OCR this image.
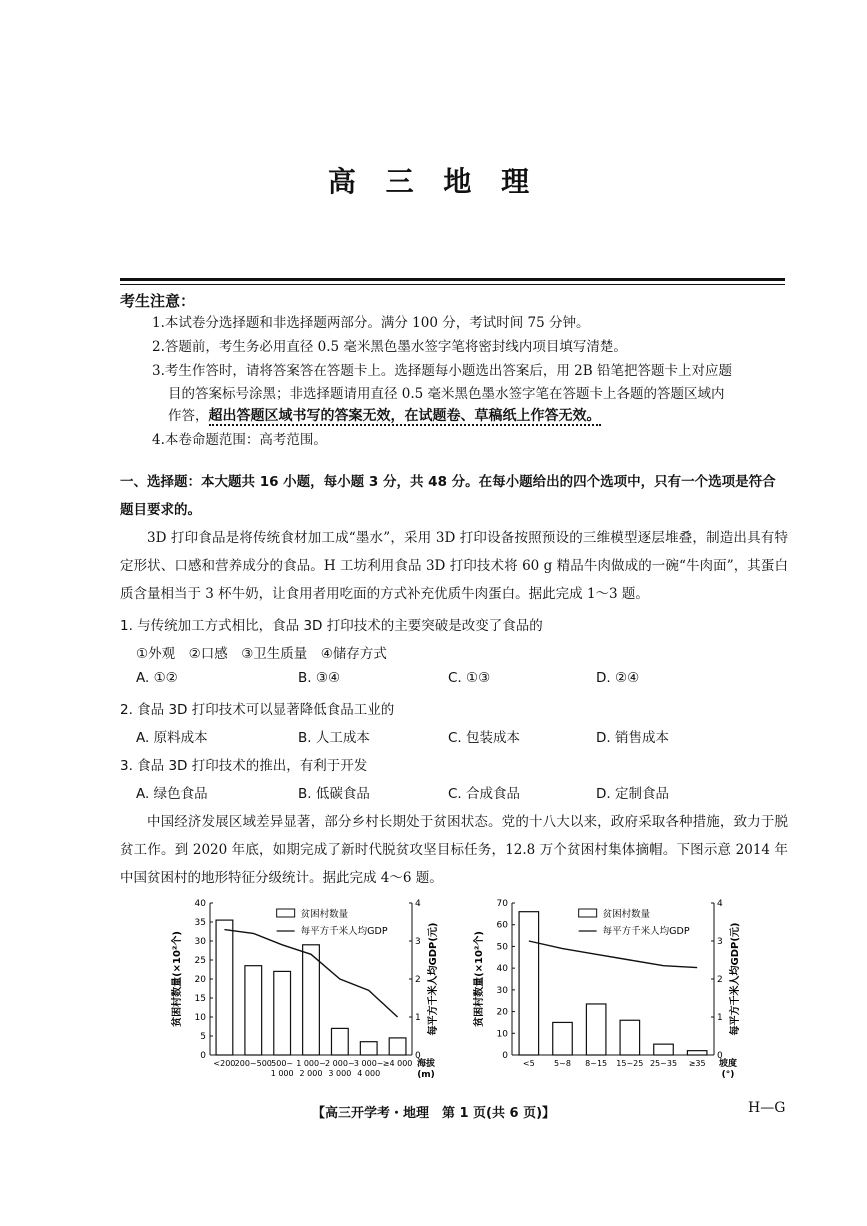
高 三 地 理
考生注意：
1.本试卷分选择题和非选择题两部分。满分 100 分，考试时间 75 分钟。
2.答题前，考生务必用直径 0.5 毫米黑色墨水签字笔将密封线内项目填写清楚。
3.考生作答时，请将答案答在答题卡上。选择题每小题选出答案后，用 2B 铅笔把答题卡上对应题
目的答案标号涂黑；非选择题请用直径 0.5 毫米黑色墨水签字笔在答题卡上各题的答题区域内
作答，超出答题区域书写的答案无效，在试题卷、草稿纸上作答无效。
4.本卷命题范围：高考范围。
一、选择题：本大题共 16 小题，每小题 3 分，共 48 分。在每小题给出的四个选项中，只有一个选项是符合题目要求的。
3D 打印食品是将传统食材加工成“墨水”，采用 3D 打印设备按照预设的三维模型逐层堆叠，制造出具有特定形状、口感和营养成分的食品。H 工坊利用食品 3D 打印技术将 60 g 精品牛肉做成的一碗“牛肉面”，其蛋白质含量相当于 3 杯牛奶，让食用者用吃面的方式补充优质牛肉蛋白。据此完成 1～3 题。
1. 与传统加工方式相比，食品 3D 打印技术的主要突破是改变了食品的
①外观　②口感　③卫生质量　④储存方式
A. ①②	B. ③④	C. ①③	D. ②④
2. 食品 3D 打印技术可以显著降低食品工业的
A. 原料成本	B. 人工成本	C. 包装成本	D. 销售成本
3. 食品 3D 打印技术的推出，有利于开发
A. 绿色食品	B. 低碳食品	C. 合成食品	D. 定制食品
中国经济发展区域差异显著，部分乡村长期处于贫困状态。党的十八大以来，政府采取各种措施，致力于脱贫工作。到 2020 年底，如期完成了新时代脱贫攻坚目标任务，12.8 万个贫困村集体摘帽。下图示意 2014 年中国贫困村的地形特征分级统计。据此完成 4～6 题。
0
5
10
15
20
25
30
35
40
0
1
2
3
4
贫困村数量(×10²个)	每平方千米人均GDP(元)
<200 200~500 500~
1 000
1 000~
2 000
2 000~
3 000
3 000~
4 000
≥4 000 海拔
(m)
贫困村数量
每平方千米人均GDP
0
10
20
30
40
50
60
70
0
1
2
3
4
贫困村数量(×10²个)	每平方千米人均GDP(元)
<5 5~8 8~15 15~25 25~35 ≥35 坡度
(°)
贫困村数量
每平方千米人均GDP
【高三开学考・地理　第 1 页(共 6 页)】	H—G
